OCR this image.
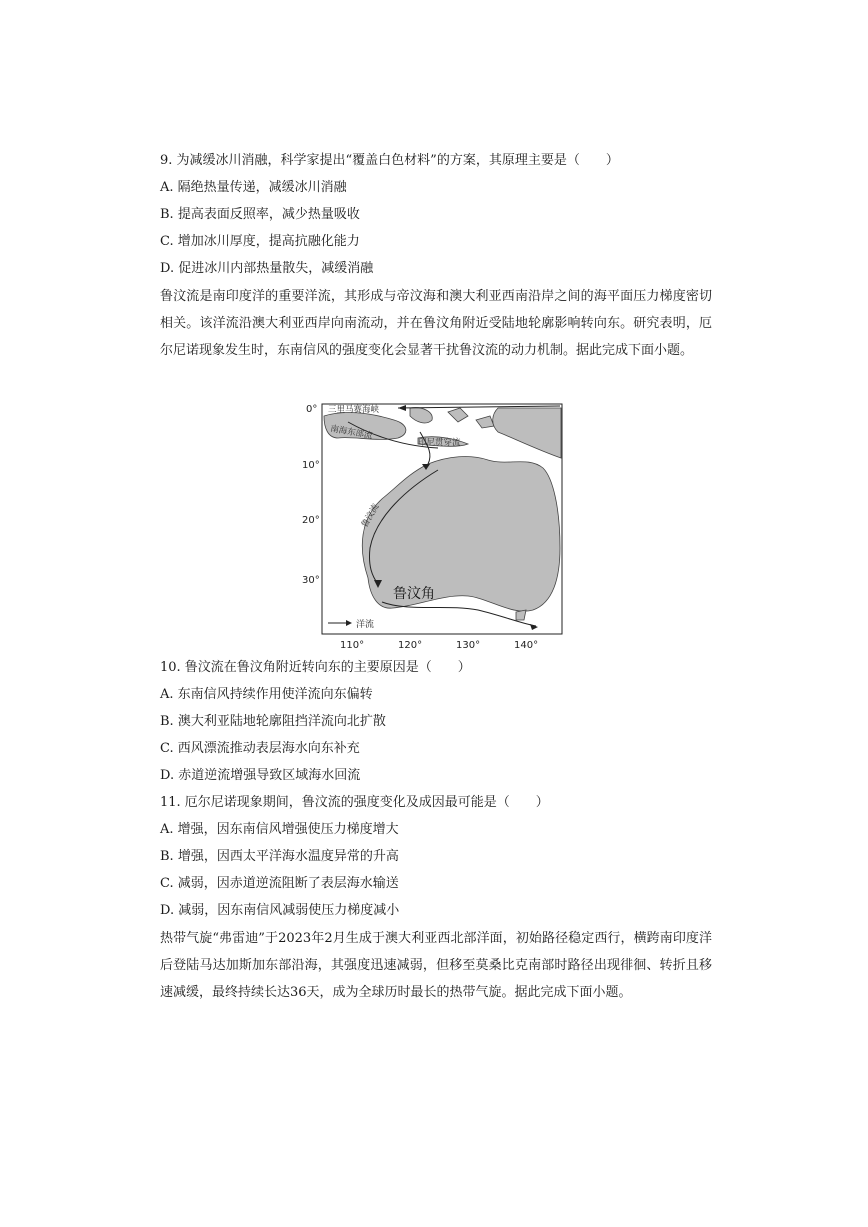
9. 为减缓冰川消融，科学家提出“覆盖白色材料”的方案，其原理主要是（　　）
A. 隔绝热量传递，减缓冰川消融
B. 提高表面反照率，减少热量吸收
C. 增加冰川厚度，提高抗融化能力
D. 促进冰川内部热量散失，减缓消融
鲁汶流是南印度洋的重要洋流，其形成与帝汶海和澳大利亚西南沿岸之间的海平面压力梯度密切相关。该洋流沿澳大利亚西岸向南流动，并在鲁汶角附近受陆地轮廓影响转向东。研究表明，厄尔尼诺现象发生时，东南信风的强度变化会显著干扰鲁汶流的动力机制。据此完成下面小题。
三里马赛海峡
南海东部流
印尼贯穿流
鲁汶流
鲁汶角
0°
10°
20°
30°
110°	120°	130°	140°
洋流
10. 鲁汶流在鲁汶角附近转向东的主要原因是（　　）
A. 东南信风持续作用使洋流向东偏转
B. 澳大利亚陆地轮廓阻挡洋流向北扩散
C. 西风漂流推动表层海水向东补充
D. 赤道逆流增强导致区域海水回流
11. 厄尔尼诺现象期间，鲁汶流的强度变化及成因最可能是（　　）
A. 增强，因东南信风增强使压力梯度增大
B. 增强，因西太平洋海水温度异常的升高
C. 减弱，因赤道逆流阻断了表层海水输送
D. 减弱，因东南信风减弱使压力梯度减小
热带气旋“弗雷迪”于2023年2月生成于澳大利亚西北部洋面，初始路径稳定西行，横跨南印度洋后登陆马达加斯加东部沿海，其强度迅速减弱，但移至莫桑比克南部时路径出现徘徊、转折且移速减缓，最终持续长达36天，成为全球历时最长的热带气旋。据此完成下面小题。
